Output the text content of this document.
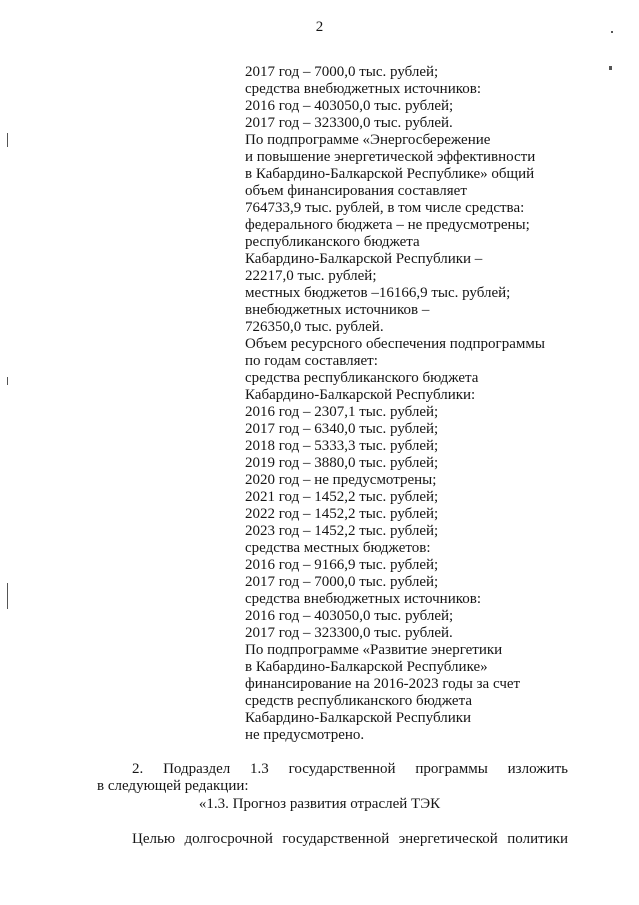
2
2017 год – 7000,0 тыс. рублей;
средства внебюджетных источников:
2016 год – 403050,0 тыс. рублей;
2017 год – 323300,0 тыс. рублей.
По подпрограмме «Энергосбережение
и повышение энергетической эффективности
в Кабардино-Балкарской Республике» общий
объем финансирования составляет
764733,9 тыс. рублей, в том числе средства:
федерального бюджета – не предусмотрены;
республиканского бюджета
Кабардино-Балкарской Республики –
22217,0 тыс. рублей;
местных бюджетов –16166,9 тыс. рублей;
внебюджетных источников –
726350,0 тыс. рублей.
Объем ресурсного обеспечения подпрограммы
по годам составляет:
средства республиканского бюджета
Кабардино-Балкарской Республики:
2016 год – 2307,1 тыс. рублей;
2017 год – 6340,0 тыс. рублей;
2018 год – 5333,3 тыс. рублей;
2019 год – 3880,0 тыс. рублей;
2020 год – не предусмотрены;
2021 год – 1452,2 тыс. рублей;
2022 год – 1452,2 тыс. рублей;
2023 год – 1452,2 тыс. рублей;
средства местных бюджетов:
2016 год – 9166,9 тыс. рублей;
2017 год – 7000,0 тыс. рублей;
средства внебюджетных источников:
2016 год – 403050,0 тыс. рублей;
2017 год – 323300,0 тыс. рублей.
По подпрограмме «Развитие энергетики
в Кабардино-Балкарской Республике»
финансирование на 2016-2023 годы за счет
средств республиканского бюджета
Кабардино-Балкарской Республики
не предусмотрено.
2. Подраздел 1.3 государственной программы изложить
в следующей редакции:
«1.3. Прогноз развития отраслей ТЭК
Целью долгосрочной государственной энергетической политики
